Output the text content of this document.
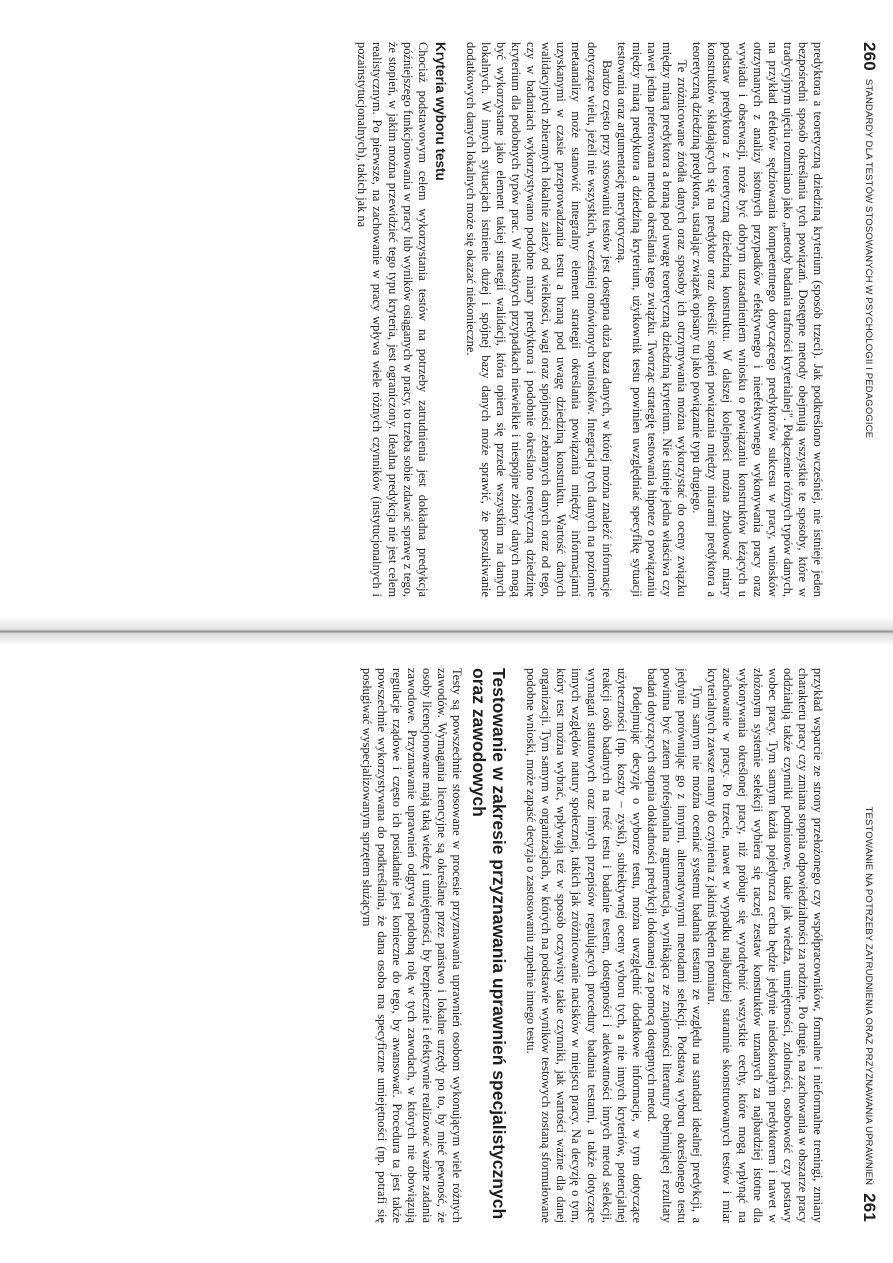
260STANDARDY DLA TESTÓW STOSOWANYCH W PSYCHOLOGII I PEDAGOGICE

predyktora a teoretyczną dziedziną kryterium (sposób trzeci). Jak podkreślono wcześniej, nie istnieje jeden bezpośredni sposób określania tych powiązań. Dostępne metody obejmują wszystkie te sposoby, które w tradycyjnym ujęciu rozumiano jako „metody badania trafności kryterialnej". Połączenie różnych typów danych, na przykład efektów sędziowania kompetentnego dotyczącego predyktorów sukcesu w pracy, wniosków otrzymanych z analizy istotnych przypadków efektywnego i nieefektywnego wykonywania pracy oraz wywiadu i obserwacji, może być dobrym uzasadnieniem wniosku o powiązaniu konstruktów leżących u podstaw predyktora z teoretyczną dziedziną konstruktu. W dalszej kolejności można zbudować miary konstruktów składających się na predyktor oraz określić stopień powiązania między miarami predyktora a teoretyczną dziedziną predyktora, ustalając związek opisany tu jako powiązanie typu drugiego.

Te zróżnicowane źródła danych oraz sposoby ich otrzymywania można wykorzystać do oceny związku między miarą predyktora a braną pod uwagę teoretyczną dziedziną kryterium. Nie istnieje jedna właściwa czy nawet jedna preferowana metoda określania tego związku. Tworząc strategię testowania hipotez o powiązaniu między miarą predyktora a dziedziną kryterium, użytkownik testu powinien uwzględniać specyfikę sytuacji testowania oraz argumentację merytoryczną.

Bardzo często przy stosowaniu testów jest dostępna duża baza danych, w której można znaleźć informacje dotyczące wielu, jeżeli nie wszystkich, wcześniej omówionych wniosków. Integracja tych danych na poziomie metaanalizy może stanowić integralny element strategii określania powiązania między informacjami uzyskanymi w czasie przeprowadzania testu a braną pod uwagę dziedziną konstruktu. Wartość danych walidacyjnych zbieranych lokalnie zależy od wielkości, wagi oraz spójności zebranych danych oraz od tego, czy w badaniach wykorzystywano podobne miary predyktora i podobnie określano teoretyczną dziedzinę kryterium dla podobnych typów prac. W niektórych przypadkach niewielkie i niespójne zbiory danych mogą być wykorzystane jako element takiej strategii walidacji, która opiera się przede wszystkim na danych lokalnych. W innych sytuacjach istnienie dużej i spójnej bazy danych może sprawić, że poszukiwanie dodatkowych danych lokalnych może się okazać niekonieczne.

Kryteria wyboru testu

Chociaż podstawowym celem wykorzystania testów na potrzeby zatrudnienia jest dokładna predykcja późniejszego funkcjonowania w pracy lub wyników osiąganych w pracy, to trzeba sobie zdawać sprawę z tego, że stopień, w jakim można przewidzieć tego typu kryteria, jest ograniczony. Idealna predykcja nie jest celem realistycznym. Po pierwsze, na zachowanie w pracy wpływa wiele różnych czynników (instytucjonalnych i pozainstytucjonalnych), takich jak na

TESTOWANIE NA POTRZEBY ZATRUDNIENIA ORAZ PRZYZNAWANIA UPRAWNIEŃ261

przykład wsparcie ze strony przełożonego czy współpracowników, formalne i nieformalne treningi, zmiany charakteru pracy czy zmiana stopnia odpowiedzialności za rodzinę. Po drugie, na zachowania w obszarze pracy oddziałują także czynniki podmiotowe, takie jak wiedza, umiejętności, zdolności, osobowość czy postawy wobec pracy. Tym samym każda pojedyncza cecha będzie jedynie niedoskonałym predyktorem i nawet w złożonym systemie selekcji wybiera się raczej zestaw konstruktów uznanych za najbardziej istotne dla wykonywania określonej pracy, niż próbuje się wyodrębnić wszystkie cechy, które mogą wpłynąć na zachowanie w pracy. Po trzecie, nawet w wypadku najbardziej starannie skonstruowanych testów i miar kryterialnych zawsze mamy do czynienia z jakimś błędem pomiaru.

Tym samym nie można oceniać systemu badania testami ze względu na standard idealnej predykcji, a jedynie porównując go z innymi, alternatywnymi metodami selekcji. Podstawą wyboru określonego testu powinna być zatem profesjonalna argumentacja, wynikająca ze znajomości literatury obejmującej rezultaty badań dotyczących stopnia dokładności predykcji dokonanej za pomocą dostępnych metod.

Podejmując decyzję o wyborze testu, można uwzględnić dodatkowe informacje, w tym dotyczące użyteczności (np. koszty – zyski), subiektywnej oceny wyboru tych, a nie innych kryteriów, potencjalnej reakcji osób badanych na treść testu i badanie testem, dostępności i adekwatności innych metod selekcji, wymagań statutowych oraz innych przepisów regulujących procedury badania testami, a także dotyczące innych względów natury społecznej, takich jak zróżnicowanie nacisków w miejscu pracy. Na decyzję o tym, który test można wybrać, wpływają też w sposób oczywisty takie czynniki, jak wartości ważne dla danej organizacji. Tym samym w organizacjach, w których na podstawie wyników testowych zostaną sformułowane podobne wnioski, może zapaść decyzja o zastosowaniu zupełnie innego testu.

Testowanie w zakresie przyznawania uprawnień specjalistycznych oraz zawodowych

Testy są powszechnie stosowane w procesie przyznawania uprawnień osobom wykonującym wiele różnych zawodów. Wymagania licencyjne są określane przez państwo i lokalne urzędy po to, by mieć pewność, że osoby licencjonowane mają taką wiedzę i umiejętności, by bezpiecznie i efektywnie realizować ważne zadania zawodowe. Przyznawanie uprawnień odgrywa podobną rolę w tych zawodach, w których nie obowiązują regulacje rządowe i często ich posiadanie jest konieczne do tego, by awansować. Procedura ta jest także powszechnie wykorzystywana do podkreślania, że dana osoba ma specyficzne umiejętności (np. potrafi się posługiwać wyspecjalizowanym sprzętem służącym
